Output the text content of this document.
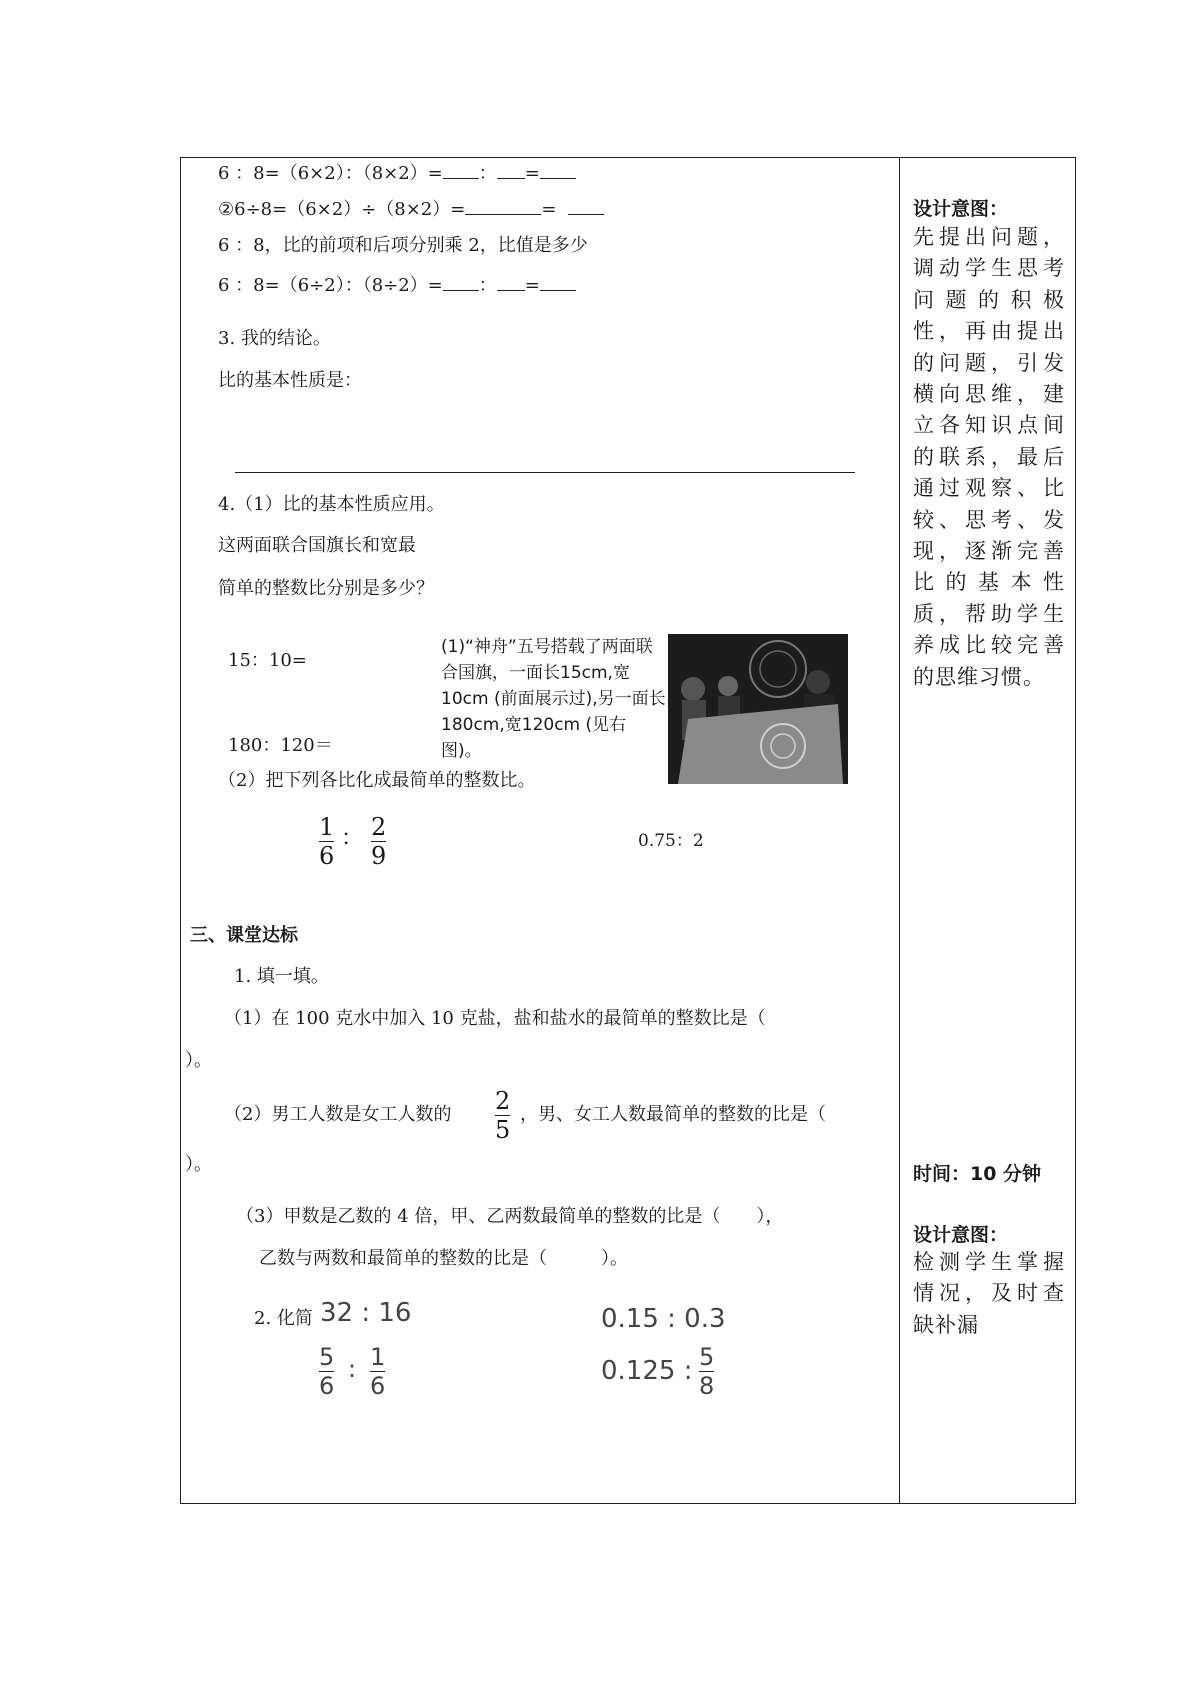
6 ：8=（6×2）：（8×2）= ： =
②6÷8=（6×2）÷（8×2）=	=
6 ：8，比的前项和后项分别乘 2，比值是多少
6 ：8=（6÷2）：（8÷2）= ： =
3. 我的结论。
比的基本性质是：
4.（1）比的基本性质应用。
这两面联合国旗长和宽最
简单的整数比分别是多少？
15：10=
180：120＝
(1)“神舟”五号搭载了两面联合国旗，一面长15cm,宽10cm (前面展示过),另一面长180cm,宽120cm (见右图)。
（2）把下列各比化成最简单的整数比。
1
6
： 2
9
0.75：2
三、课堂达标
1. 填一填。
（1）在 100 克水中加入 10 克盐，盐和盐水的最简单的整数比是（
）。
（2）男工人数是女工人数的 2
5
，男、女工人数最简单的整数的比是（
）。
（3）甲数是乙数的 4 倍，甲、乙两数最简单的整数的比是（　　），
乙数与两数和最简单的整数的比是（　　　）。
2. 化简 32 : 16	0.15 : 0.3
5
6
: 1
6	0.125 : 5
8
设计意图：
先提出问题，调动学生思考问题的积极性，再由提出的问题，引发横向思维，建立各知识点间的联系，最后通过观察、比较、思考、发现，逐渐完善比的基本性质，帮助学生养成比较完善的思维习惯。
时间：10 分钟
设计意图：
检测学生掌握情况，及时查缺补漏
